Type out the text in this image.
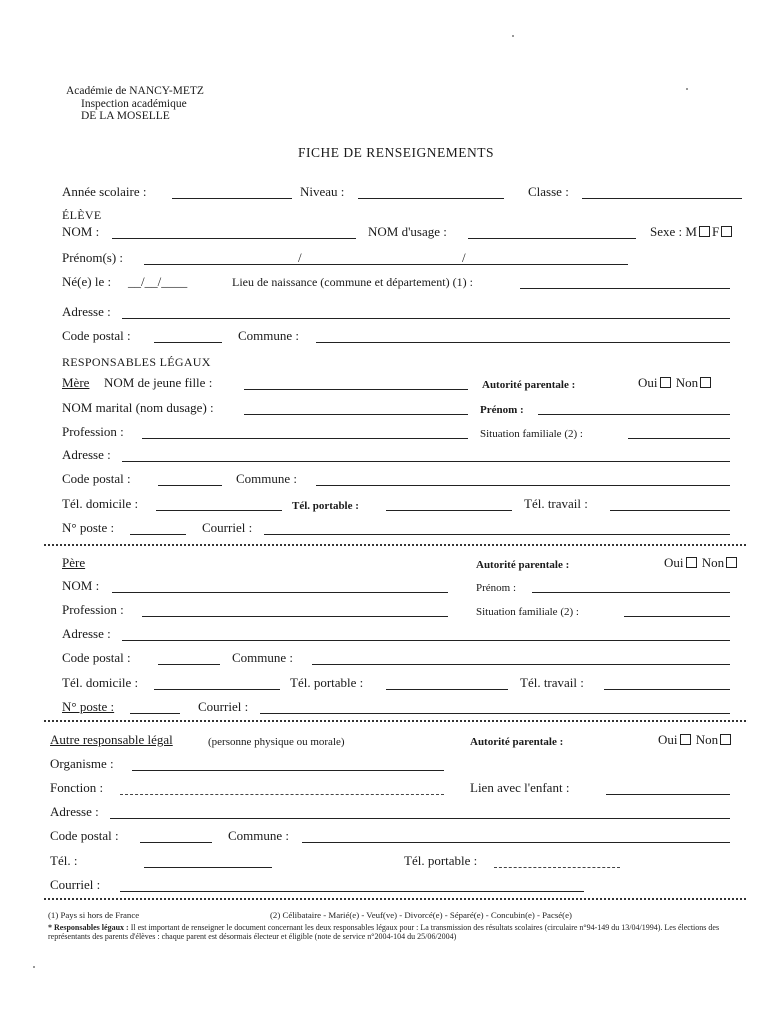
Académie de NANCY-METZ
Inspection académique
DE LA MOSELLE
FICHE DE RENSEIGNEMENTS
Année scolaire :	Niveau :	Classe :
ÉLÈVE
NOM :	NOM d'usage :	Sexe : M F
Prénom(s) :	/	/
Né(e) le : __/__/____	Lieu de naissance (commune et département) (1) :
Adresse :
Code postal :	Commune :
RESPONSABLES LÉGAUX
Mère NOM de jeune fille :	Autorité parentale :	Oui Non
NOM marital (nom dusage) :	Prénom :
Profession :	Situation familiale (2) :
Adresse :
Code postal :	Commune :
Tél. domicile :	Tél. portable :	Tél. travail :
N° poste :	Courriel :
Père	Autorité parentale :	Oui Non
NOM :	Prénom :
Profession :	Situation familiale (2) :
Adresse :
Code postal :	Commune :
Tél. domicile :	Tél. portable :	Tél. travail :
N° poste :	Courriel :
Autre responsable légal	(personne physique ou morale)	Autorité parentale :	Oui Non
Organisme :
Fonction :	Lien avec l'enfant :
Adresse :
Code postal :	Commune :
Tél. :	Tél. portable :
Courriel :
(1) Pays si hors de France	(2) Célibataire - Marié(e) - Veuf(ve) - Divorcé(e) - Séparé(e) - Concubin(e) - Pacsé(e)
* Responsables légaux : Il est important de renseigner le document concernant les deux responsables légaux pour : La transmission des résultats scolaires (circulaire n°94-149 du 13/04/1994). Les élections des représentants des parents d'élèves : chaque parent est désormais électeur et éligible (note de service n°2004-104 du 25/06/2004)
